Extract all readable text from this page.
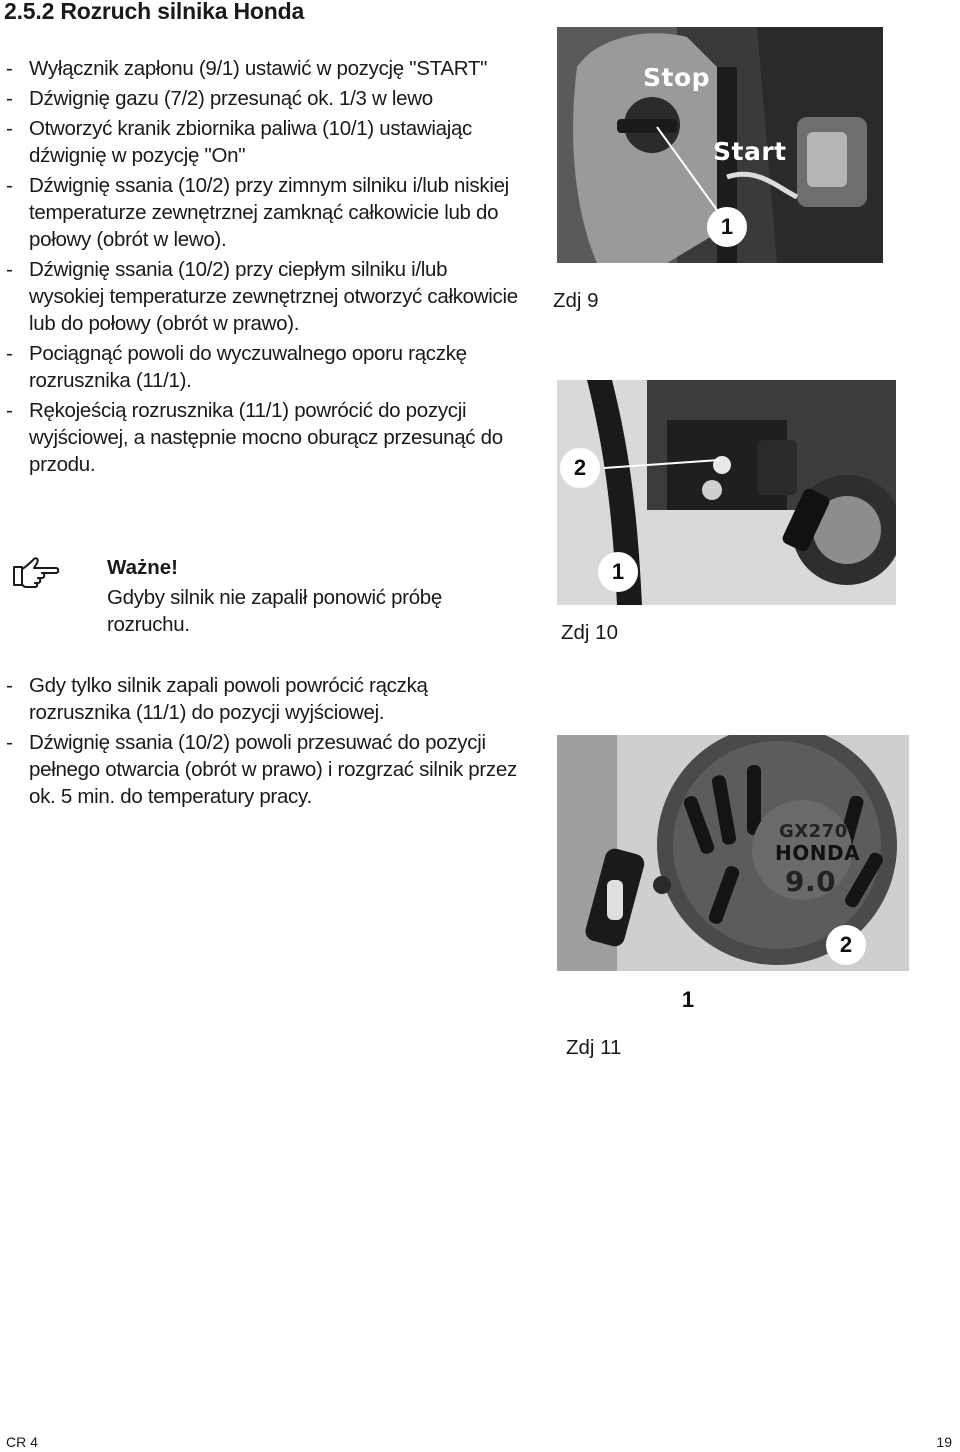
2.5.2 Rozruch silnika Honda
- Wyłącznik zapłonu (9/1) ustawić w pozycję "START"
- Dźwignię gazu (7/2) przesunąć ok. 1/3 w lewo
- Otworzyć kranik zbiornika paliwa (10/1) ustawiając dźwignię w pozycję "On"
- Dźwignię ssania (10/2) przy zimnym silniku i/lub niskiej temperaturze zewnętrznej zamknąć całkowicie lub do połowy (obrót w lewo).
- Dźwignię ssania (10/2) przy ciepłym silniku i/lub wysokiej temperaturze zewnętrznej otworzyć całkowicie lub do połowy (obrót w prawo).
- Pociągnąć powoli do wyczuwalnego oporu rączkę rozrusznika (11/1).
- Rękojeścią rozrusznika (11/1) powrócić do pozycji wyjściowej, a następnie mocno oburącz przesunąć do przodu.
Ważne!
Gdyby silnik nie zapalił ponowić próbę rozruchu.
- Gdy tylko silnik zapali powoli powrócić rączką rozrusznika (11/1) do pozycji wyjściowej.
- Dźwignię ssania (10/2) powoli przesuwać do pozycji pełnego otwarcia (obrót w prawo) i rozgrzać silnik przez ok. 5 min. do temperatury pracy.
Stop
Start
1
Zdj 9
2
1
Zdj 10
GX270
HONDA
9.0
2
1
Zdj 11
CR 4	19
